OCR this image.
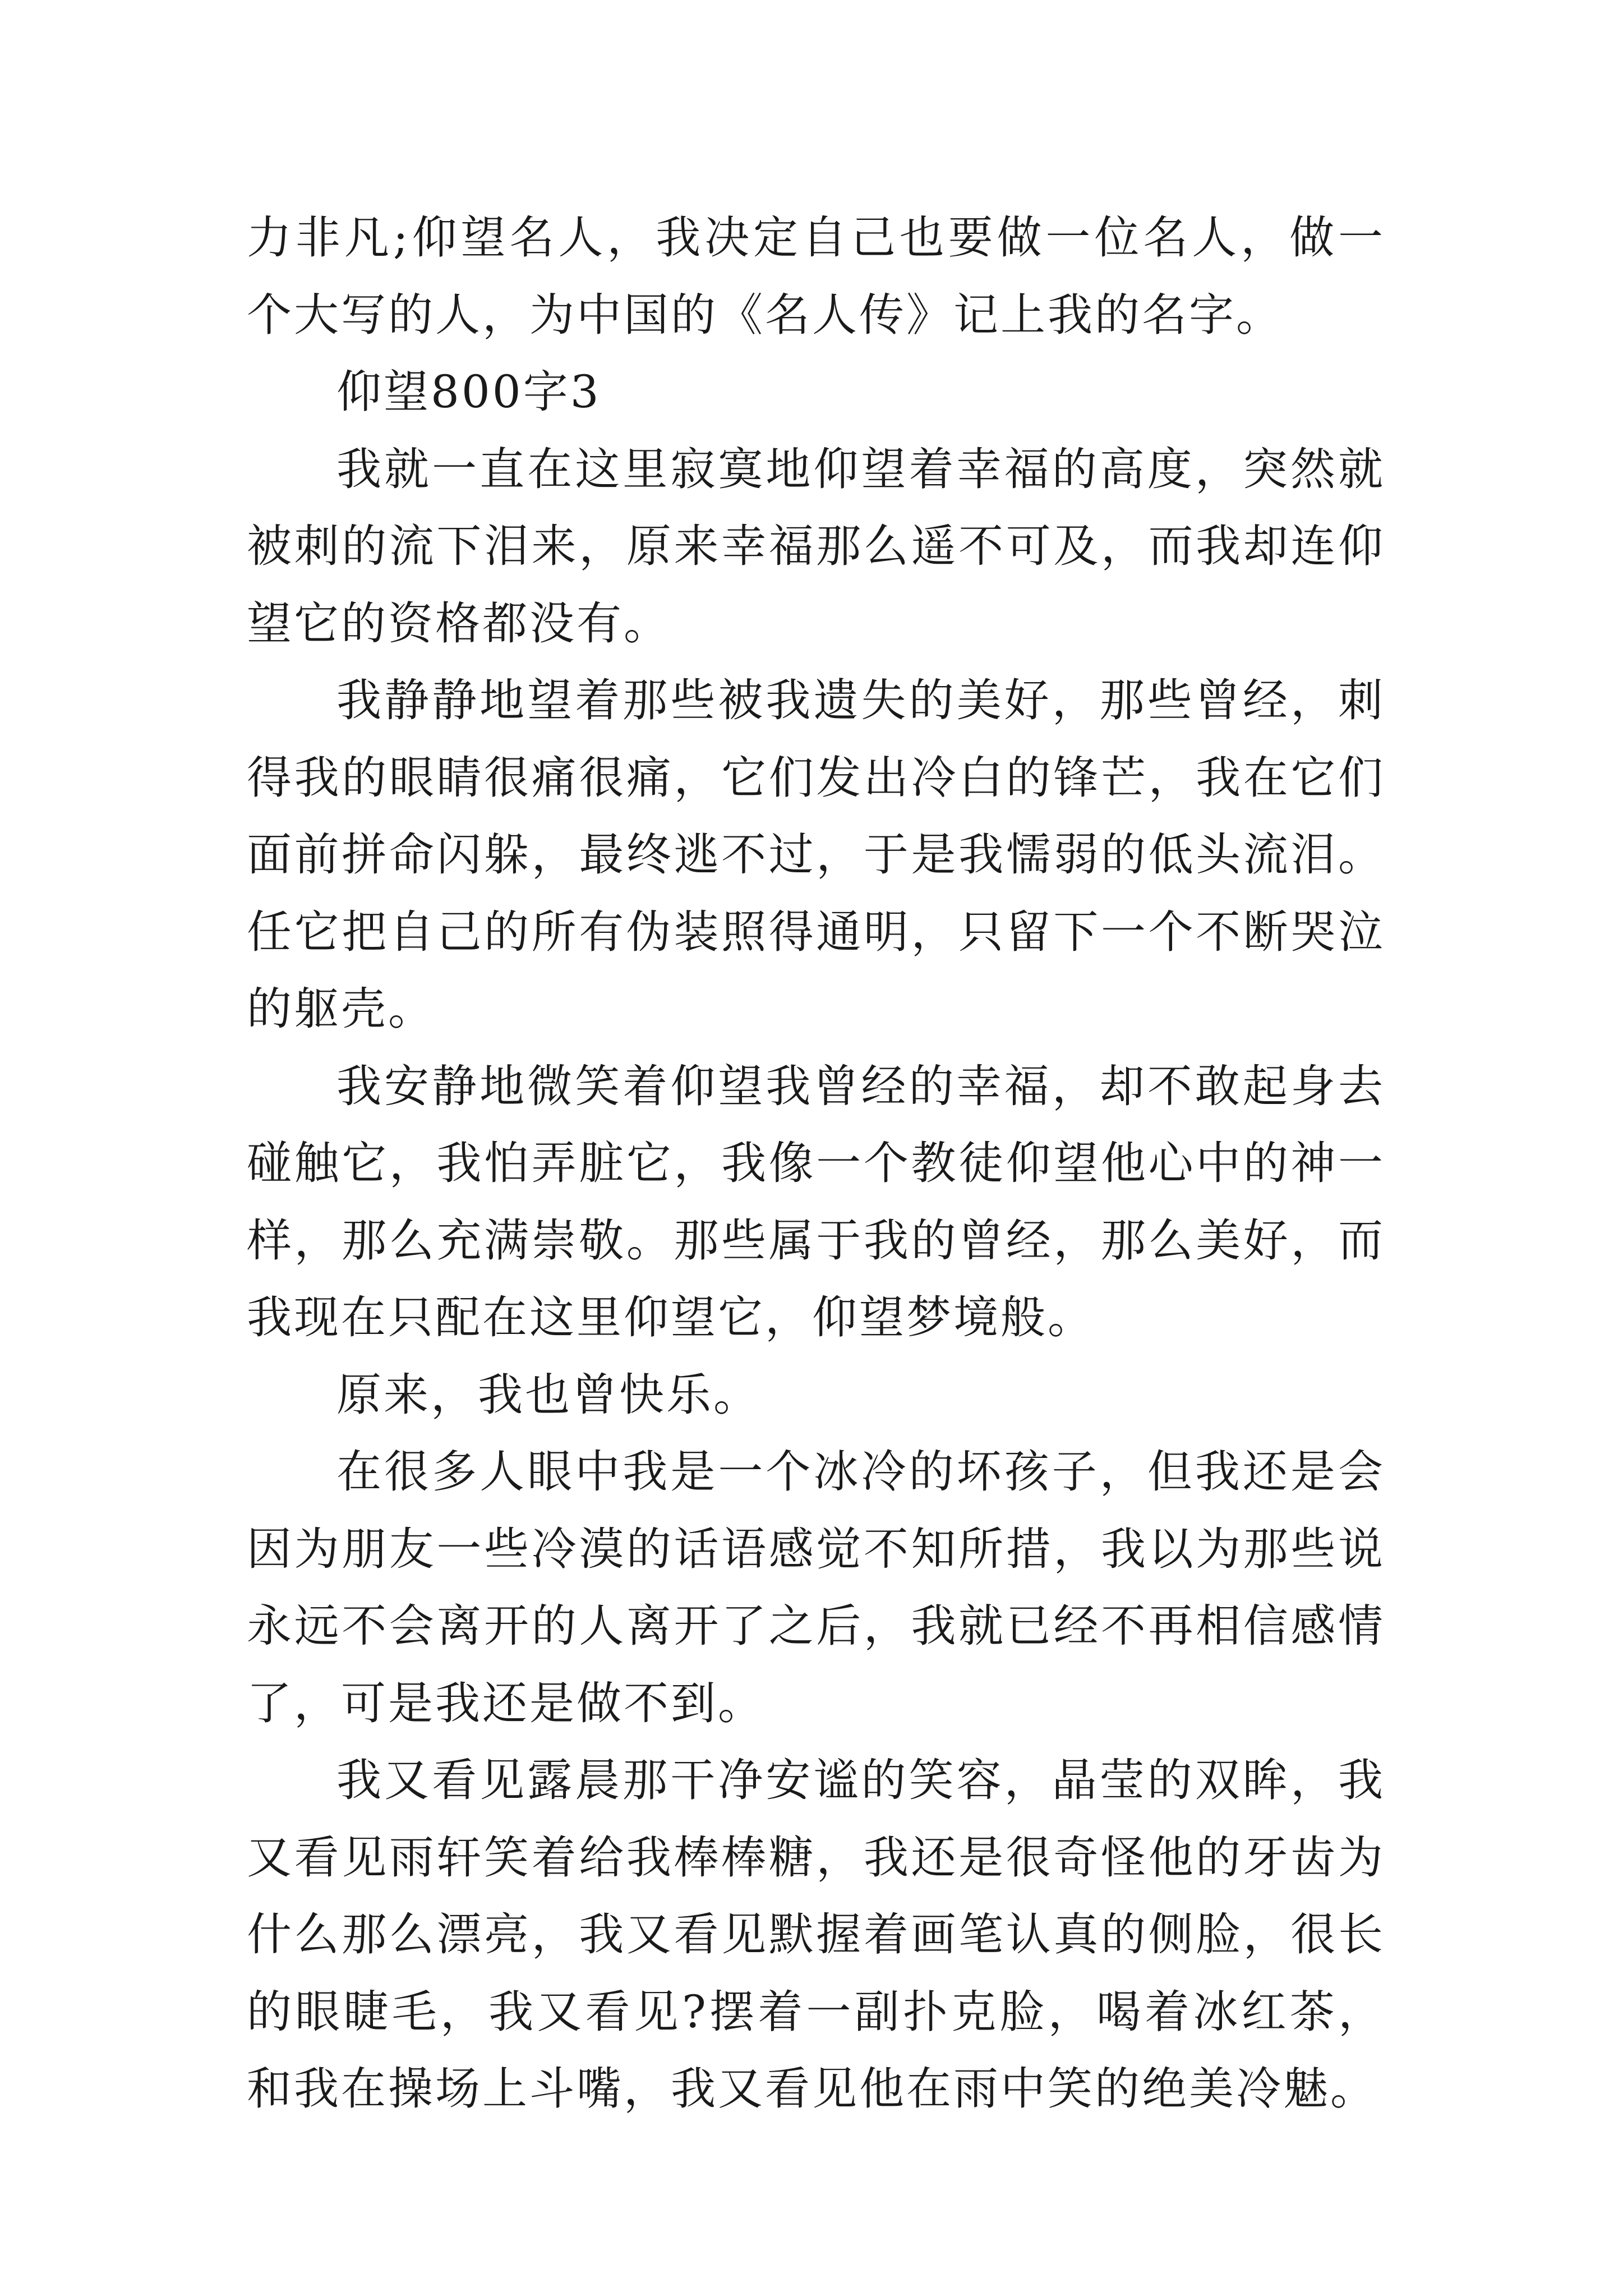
力非凡;仰望名人，我决定自己也要做一位名人，做一个大写的人，为中国的《名人传》记上我的名字。

仰望800字3

我就一直在这里寂寞地仰望着幸福的高度，突然就被刺的流下泪来，原来幸福那么遥不可及，而我却连仰望它的资格都没有。

我静静地望着那些被我遗失的美好，那些曾经，刺得我的眼睛很痛很痛，它们发出冷白的锋芒，我在它们面前拼命闪躲，最终逃不过，于是我懦弱的低头流泪。任它把自己的所有伪装照得通明，只留下一个不断哭泣的躯壳。

我安静地微笑着仰望我曾经的幸福，却不敢起身去碰触它，我怕弄脏它，我像一个教徒仰望他心中的神一样，那么充满崇敬。那些属于我的曾经，那么美好，而我现在只配在这里仰望它，仰望梦境般。

原来，我也曾快乐。

在很多人眼中我是一个冰冷的坏孩子，但我还是会因为朋友一些冷漠的话语感觉不知所措，我以为那些说永远不会离开的人离开了之后，我就已经不再相信感情了，可是我还是做不到。

我又看见露晨那干净安谧的笑容，晶莹的双眸，我又看见雨轩笑着给我棒棒糖，我还是很奇怪他的牙齿为什么那么漂亮，我又看见默握着画笔认真的侧脸，很长的眼睫毛，我又看见?摆着一副扑克脸，喝着冰红茶，和我在操场上斗嘴，我又看见他在雨中笑的绝美冷魅。
